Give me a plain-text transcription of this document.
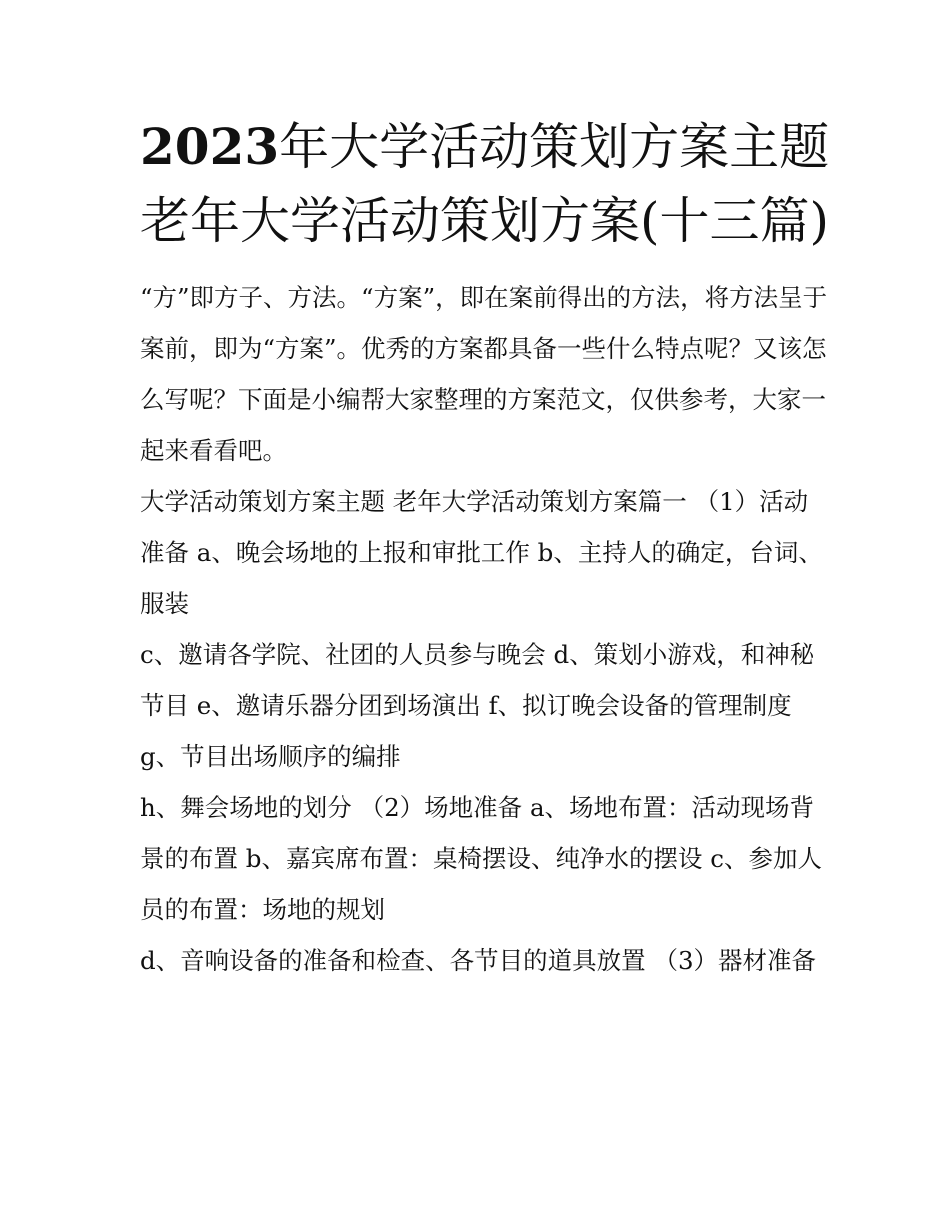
2023年大学活动策划方案主题老年大学活动策划方案(十三篇)

“方”即方子、方法。“方案”，即在案前得出的方法，将方法呈于案前，即为“方案”。优秀的方案都具备一些什么特点呢？又该怎么写呢？下面是小编帮大家整理的方案范文，仅供参考，大家一起来看看吧。

大学活动策划方案主题 老年大学活动策划方案篇一 （1）活动准备 a、晚会场地的上报和审批工作 b、主持人的确定，台词、服装

c、邀请各学院、社团的人员参与晚会 d、策划小游戏，和神秘节目 e、邀请乐器分团到场演出 f、拟订晚会设备的管理制度 g、节目出场顺序的编排

h、舞会场地的划分 （2）场地准备 a、场地布置：活动现场背景的布置 b、嘉宾席布置：桌椅摆设、纯净水的摆设 c、参加人员的布置：场地的规划

d、音响设备的准备和检查、各节目的道具放置 （3）器材准备
